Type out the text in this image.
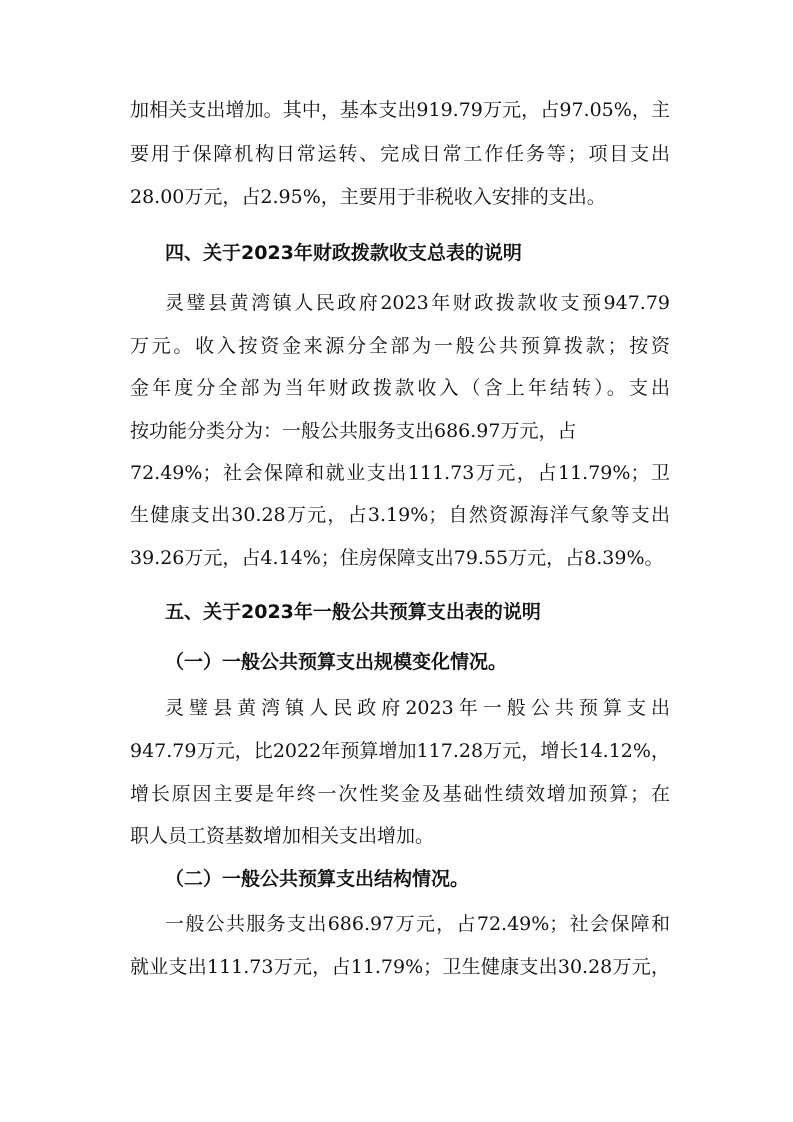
加相关支出增加。其中，基本支出919.79万元，占97.05%，主
要用于保障机构日常运转、完成日常工作任务等；项目支出
28.00万元，占2.95%，主要用于非税收入安排的支出。
四、关于2023年财政拨款收支总表的说明
灵璧县黄湾镇人民政府2023年财政拨款收支预947.79
万元。收入按资金来源分全部为一般公共预算拨款；按资
金年度分全部为当年财政拨款收入（含上年结转）。支出
按功能分类分为：一般公共服务支出686.97万元，占
72.49%；社会保障和就业支出111.73万元，占11.79%；卫
生健康支出30.28万元，占3.19%；自然资源海洋气象等支出
39.26万元，占4.14%；住房保障支出79.55万元，占8.39%。
五、关于2023年一般公共预算支出表的说明
（一）一般公共预算支出规模变化情况。
灵璧县黄湾镇人民政府2023年一般公共预算支出
947.79万元，比2022年预算增加117.28万元，增长14.12%，
增长原因主要是年终一次性奖金及基础性绩效增加预算；在
职人员工资基数增加相关支出增加。
（二）一般公共预算支出结构情况。
一般公共服务支出686.97万元，占72.49%；社会保障和
就业支出111.73万元，占11.79%；卫生健康支出30.28万元，
